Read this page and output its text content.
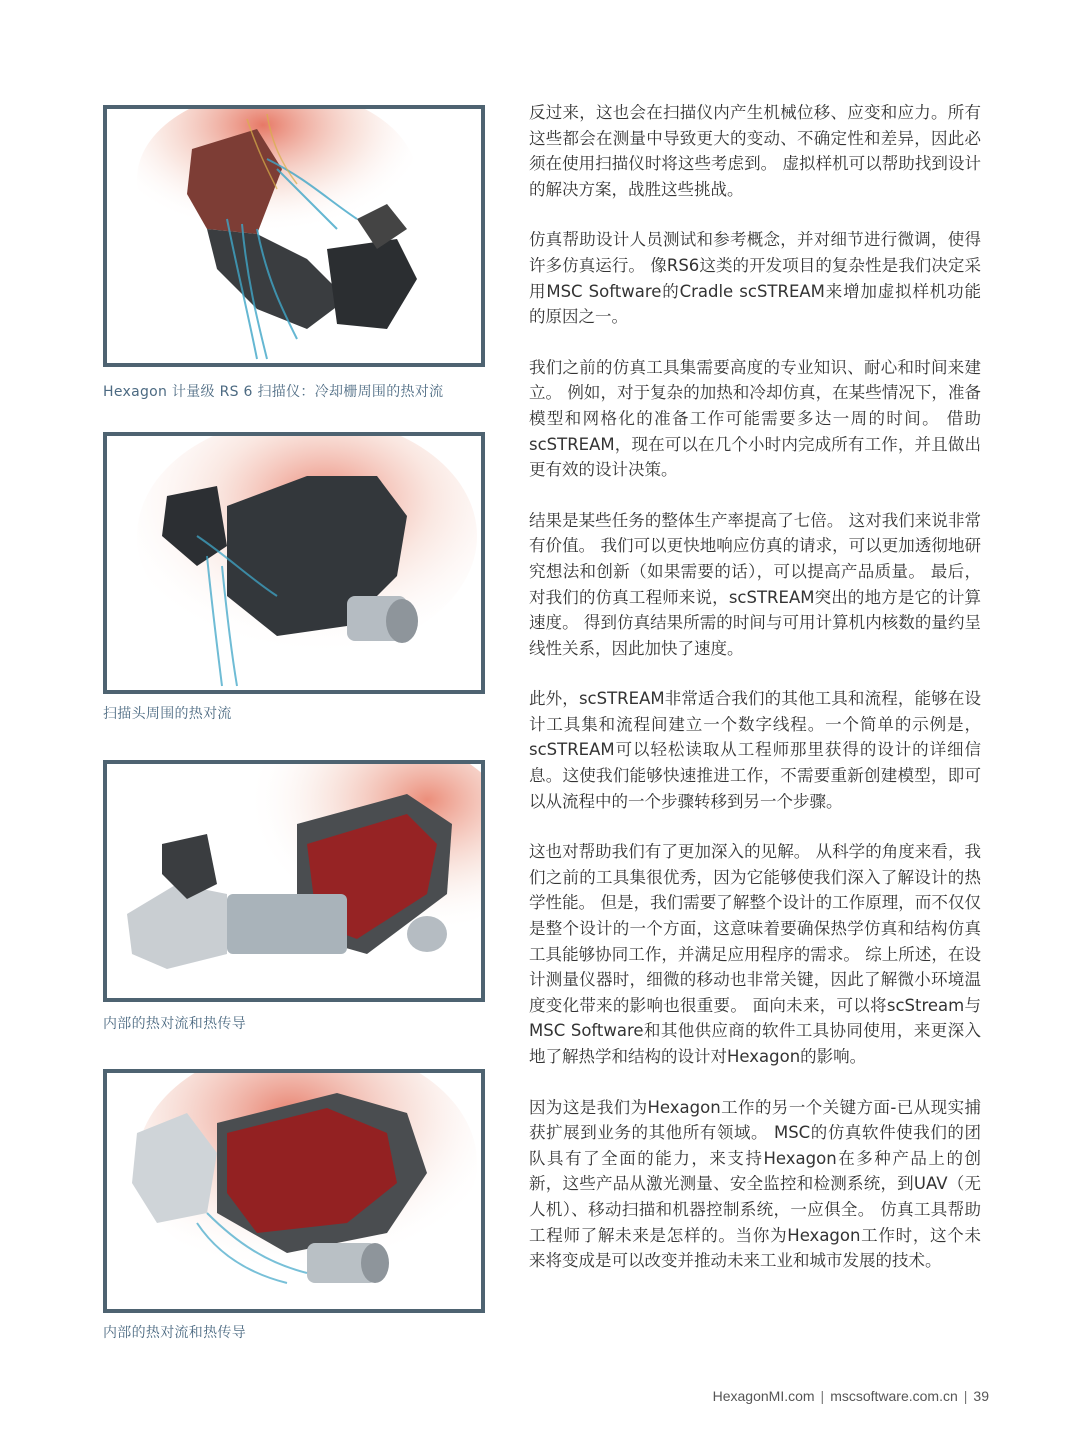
Hexagon 计量级 RS 6 扫描仪：冷却栅周围的热对流
扫描头周围的热对流
内部的热对流和热传导
内部的热对流和热传导

反过来，这也会在扫描仪内产生机械位移、应变和应力。所有这些都会在测量中导致更大的变动、不确定性和差异，因此必须在使用扫描仪时将这些考虑到。 虚拟样机可以帮助找到设计的解决方案，战胜这些挑战。

仿真帮助设计人员测试和参考概念，并对细节进行微调，使得许多仿真运行。 像RS6这类的开发项目的复杂性是我们决定采用MSC Software的Cradle scSTREAM来增加虚拟样机功能的原因之一。

我们之前的仿真工具集需要高度的专业知识、耐心和时间来建立。 例如，对于复杂的加热和冷却仿真，在某些情况下，准备模型和网格化的准备工作可能需要多达一周的时间。 借助scSTREAM，现在可以在几个小时内完成所有工作，并且做出更有效的设计决策。

结果是某些任务的整体生产率提高了七倍。 这对我们来说非常有价值。 我们可以更快地响应仿真的请求，可以更加透彻地研究想法和创新（如果需要的话），可以提高产品质量。 最后，对我们的仿真工程师来说，scSTREAM突出的地方是它的计算速度。 得到仿真结果所需的时间与可用计算机内核数的量约呈线性关系，因此加快了速度。

此外，scSTREAM非常适合我们的其他工具和流程，能够在设计工具集和流程间建立一个数字线程。一个简单的示例是，scSTREAM可以轻松读取从工程师那里获得的设计的详细信息。这使我们能够快速推进工作，不需要重新创建模型，即可以从流程中的一个步骤转移到另一个步骤。

这也对帮助我们有了更加深入的见解。 从科学的角度来看，我们之前的工具集很优秀，因为它能够使我们深入了解设计的热学性能。 但是，我们需要了解整个设计的工作原理，而不仅仅是整个设计的一个方面，这意味着要确保热学仿真和结构仿真工具能够协同工作，并满足应用程序的需求。 综上所述，在设计测量仪器时，细微的移动也非常关键，因此了解微小环境温度变化带来的影响也很重要。 面向未来，可以将scStream与MSC Software和其他供应商的软件工具协同使用，来更深入地了解热学和结构的设计对Hexagon的影响。

因为这是我们为Hexagon工作的另一个关键方面-已从现实捕获扩展到业务的其他所有领域。 MSC的仿真软件使我们的团队具有了全面的能力，来支持Hexagon在多种产品上的创新，这些产品从激光测量、安全监控和检测系统，到UAV（无人机）、移动扫描和机器控制系统，一应俱全。 仿真工具帮助工程师了解未来是怎样的。当你为Hexagon工作时，这个未来将变成是可以改变并推动未来工业和城市发展的技术。

HexagonMI.com | mscsoftware.com.cn | 39
